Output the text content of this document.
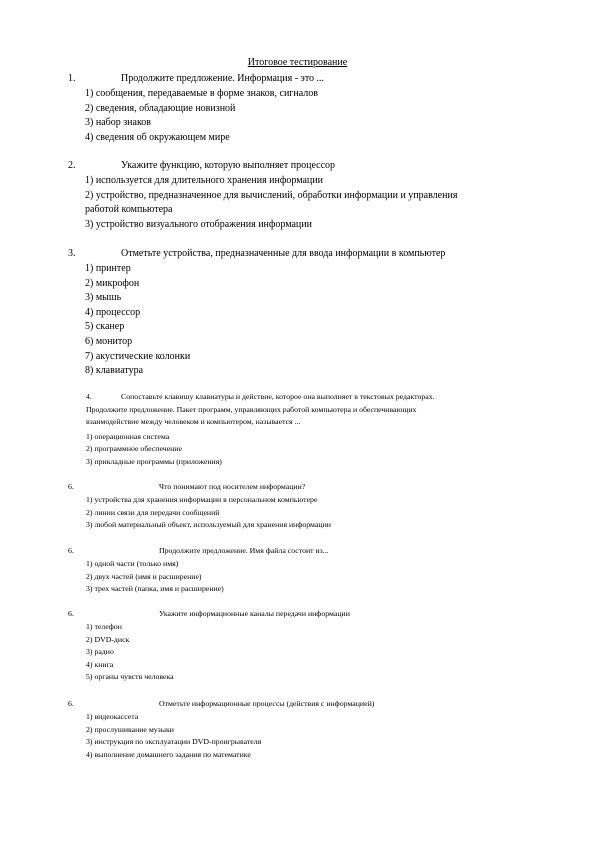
Итоговое тестирование
1.	Продолжите предложение. Информация - это ...
1) сообщения, передаваемые в форме знаков, сигналов
2) сведения, обладающие новизной
3) набор знаков
4) сведения об окружающем мире
2.	Укажите функцию, которую выполняет процессор
1) используется для длительного хранения информации
2) устройство, предназначенное для вычислений, обработки информации и управления
работой компьютера
3) устройство визуального отображения информации
3.	Отметьте устройства, предназначенные для ввода информации в компьютер
1) принтер
2) микрофон
3) мышь
4) процессор
5) сканер
6) монитор
7) акустические колонки
8) клавиатура

4.	Сопоставьте клавишу клавиатуры и действие, которое она выполняет в текстовых редакторах.

Продолжите предложение. Пакет программ, управляющих работой компьютера и обеспечивающих
взаимодействие между человеком и компьютером, называется ...
1) операционная система
2) программное обеспечение
3) прикладные программы (приложения)
6.	Что понимают под носителем информации?
1) устройства для хранения информации в персональном компьютере
2) линии связи для передачи сообщений
3) любой материальный объект, используемый для хранения информации
6.	Продолжите предложение. Имя файла состоит из...
1) одной части (только имя)
2) двух частей (имя и расширение)
3) трех частей (папка, имя и расширение)
6.	Укажите информационные каналы передачи информации
1) телефон
2) DVD-диск
3) радио
4) книга
5) органы чувств человека
6.	Отметьте информационные процессы (действия с информацией)
1) видеокассета
2) прослушивание музыки
3) инструкция по эксплуатации DVD-проигрывателя
4) выполнение домашнего задания по математике
